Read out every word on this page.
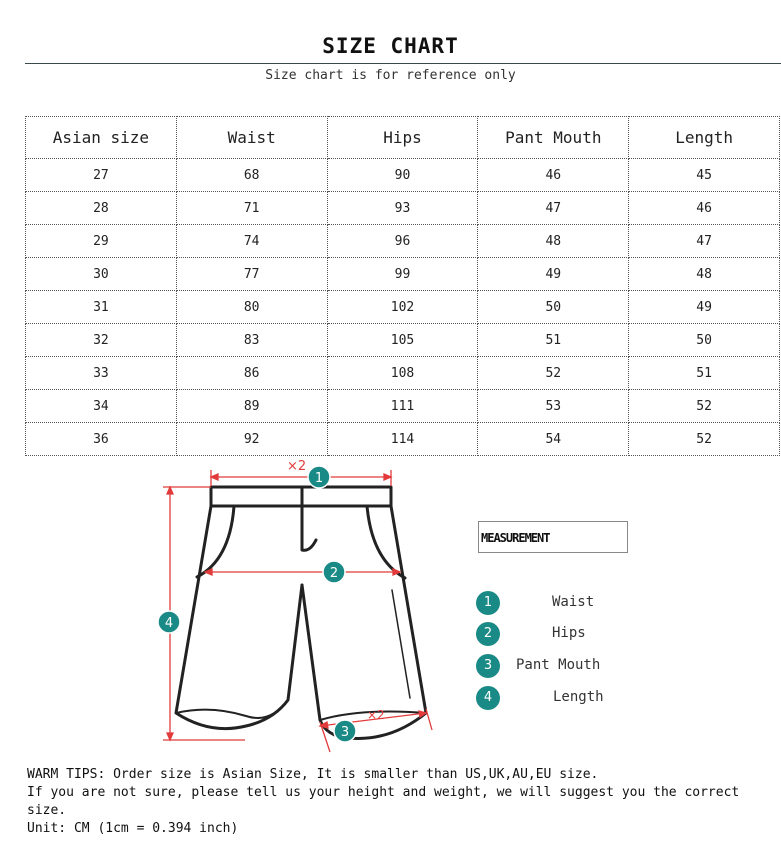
SIZE CHART
Size chart is for reference only
Asian size	Waist	Hips	Pant Mouth	Length
27	68	90	46	45
28	71	93	47	46
29	74	96	48	47
30	77	99	49	48
31	80	102	50	49
32	83	105	51	50
33	86	108	52	51
34	89	111	53	52
36	92	114	54	52
×2
×2
1
2
3
4
MEASUREMENT
1	Waist
2	Hips
3	Pant Mouth
4	Length
WARM TIPS: Order size is Asian Size, It is smaller than US,UK,AU,EU size.
If you are not sure, please tell us your height and weight, we will suggest you the correct size.
Unit: CM (1cm = 0.394 inch)
